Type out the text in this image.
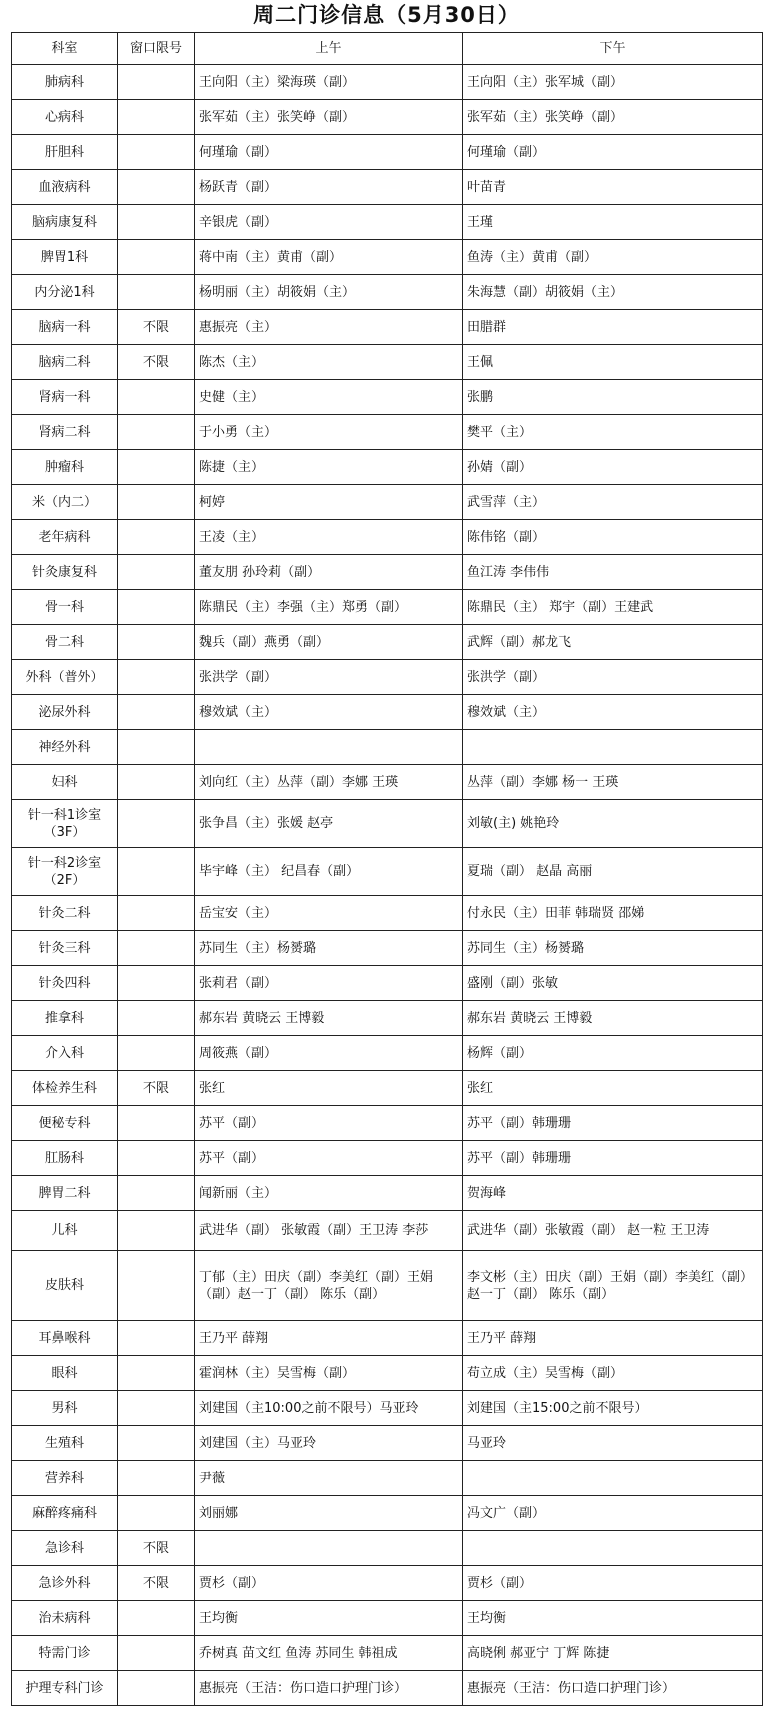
周二门诊信息（5月30日）
科室	窗口限号	上午	下午
肺病科		王向阳（主）梁海瑛（副）	王向阳（主）张军城（副）
心病科		张军茹（主）张笑峥（副）	张军茹（主）张笑峥（副）
肝胆科		何瑾瑜（副）	何瑾瑜（副）
血液病科		杨跃青（副）	叶苗青
脑病康复科		辛银虎（副）	王瑾
脾胃1科		蒋中南（主）黄甫（副）	鱼涛（主）黄甫（副）
内分泌1科		杨明丽（主）胡筱娟（主）	朱海慧（副）胡筱娟（主）
脑病一科	不限	惠振亮（主）	田腊群
脑病二科	不限	陈杰（主）	王佩
肾病一科		史健（主）	张鹏
肾病二科		于小勇（主）	樊平（主）
肿瘤科		陈捷（主）	孙婧（副）
米（内二）		柯婷	武雪萍（主）
老年病科		王凌（主）	陈伟铭（副）
针灸康复科		董友朋 孙玲莉（副）	鱼江涛 李伟伟
骨一科		陈鼎民（主）李强（主）郑勇（副）	陈鼎民（主） 郑宇（副）王建武
骨二科		魏兵（副）燕勇（副）	武辉（副）郝龙飞
外科（普外）		张洪学（副）	张洪学（副）
泌尿外科		穆效斌（主）	穆效斌（主）
神经外科			
妇科		刘向红（主）丛萍（副）李娜 王瑛	丛萍（副）李娜 杨一 王瑛
针一科1诊室（3F）		张争昌（主）张媛 赵亭	刘敏(主) 姚艳玲
针一科2诊室（2F）		毕宇峰（主） 纪昌春（副）	夏瑞（副） 赵晶 高丽
针灸二科		岳宝安（主）	付永民（主）田菲 韩瑞贤 邵娣
针灸三科		苏同生（主）杨赟璐	苏同生（主）杨赟璐
针灸四科		张莉君（副）	盛刚（副）张敏
推拿科		郝东岩 黄晓云 王博毅	郝东岩 黄晓云 王博毅
介入科		周筱燕（副）	杨辉（副）
体检养生科	不限	张红	张红
便秘专科		苏平（副）	苏平（副）韩珊珊
肛肠科		苏平（副）	苏平（副）韩珊珊
脾胃二科		闻新丽（主）	贺海峰
儿科		武进华（副） 张敏霞（副）王卫涛 李莎	武进华（副）张敏霞（副） 赵一粒 王卫涛
皮肤科		丁郁（主）田庆（副）李美红（副）王娟（副）赵一丁（副） 陈乐（副）	李文彬（主）田庆（副）王娟（副）李美红（副） 赵一丁（副） 陈乐（副）
耳鼻喉科		王乃平 薛翔	王乃平 薛翔
眼科		霍润林（主）吴雪梅（副）	苟立成（主）吴雪梅（副）
男科		刘建国（主10:00之前不限号）马亚玲	刘建国（主15:00之前不限号）
生殖科		刘建国（主）马亚玲	马亚玲
营养科		尹薇	
麻醉疼痛科		刘丽娜	冯文广（副）
急诊科	不限		
急诊外科	不限	贾杉（副）	贾杉（副）
治未病科		王均衡	王均衡
特需门诊		乔树真 苗文红 鱼涛 苏同生 韩祖成	高晓俐 郝亚宁 丁辉 陈捷
护理专科门诊		惠振亮（王洁：伤口造口护理门诊）	惠振亮（王洁：伤口造口护理门诊）
